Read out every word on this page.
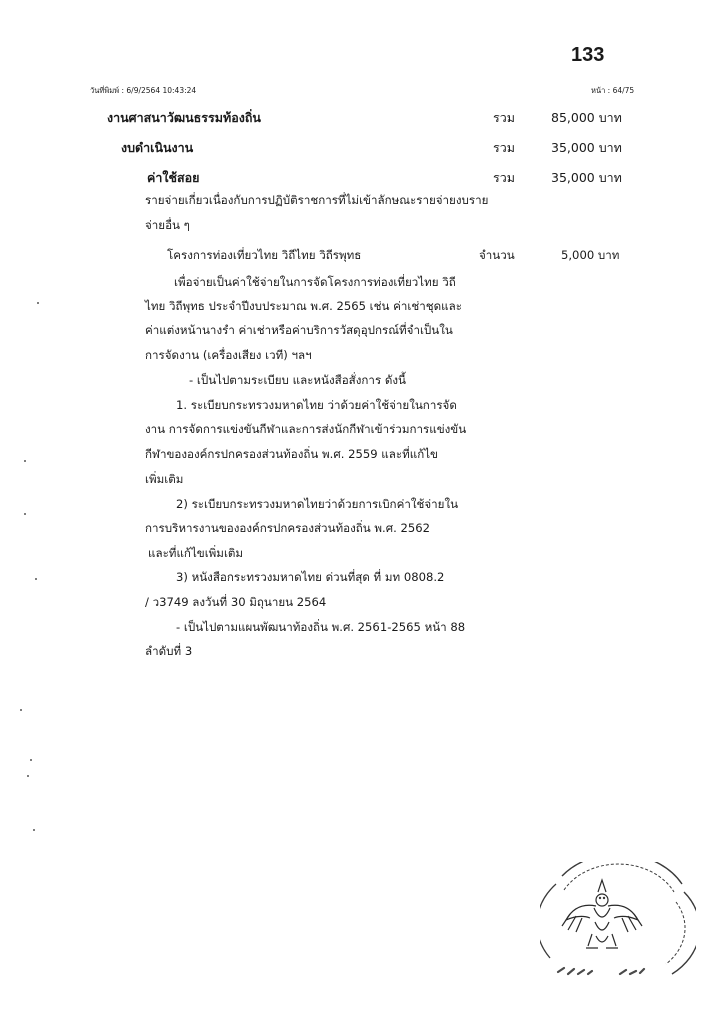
133
วันที่พิมพ์ : 6/9/2564 10:43:24	หน้า : 64/75
งานศาสนาวัฒนธรรมท้องถิ่น	รวม	85,000 บาท
งบดำเนินงาน	รวม	35,000 บาท
ค่าใช้สอย	รวม	35,000 บาท
รายจ่ายเกี่ยวเนื่องกับการปฏิบัติราชการที่ไม่เข้าลักษณะรายจ่ายงบราย
จ่ายอื่น ๆ
โครงการท่องเที่ยวไทย วิถีไทย วิถีรพุทธ	จำนวน	5,000 บาท
เพื่อจ่ายเป็นค่าใช้จ่ายในการจัดโครงการท่องเที่ยวไทย วิถี
ไทย วิถีพุทธ ประจำปีงบประมาณ พ.ศ. 2565 เช่น ค่าเช่าชุดและ
ค่าแต่งหน้านางรำ ค่าเช่าหรือค่าบริการวัสดุอุปกรณ์ที่จำเป็นใน
การจัดงาน (เครื่องเสียง เวที) ฯลฯ
- เป็นไปตามระเบียบ และหนังสือสั่งการ ดังนี้
1. ระเบียบกระทรวงมหาดไทย ว่าด้วยค่าใช้จ่ายในการจัด
งาน การจัดการแข่งขันกีฬาและการส่งนักกีฬาเข้าร่วมการแข่งขัน
กีฬาขององค์กรปกครองส่วนท้องถิ่น พ.ศ. 2559 และที่แก้ไข
เพิ่มเติม
2) ระเบียบกระทรวงมหาดไทยว่าด้วยการเบิกค่าใช้จ่ายใน
การบริหารงานขององค์กรปกครองส่วนท้องถิ่น พ.ศ. 2562
และที่แก้ไขเพิ่มเติม
3) หนังสือกระทรวงมหาดไทย ด่วนที่สุด ที่ มท 0808.2
/ ว3749 ลงวันที่ 30 มิถุนายน 2564
- เป็นไปตามแผนพัฒนาท้องถิ่น พ.ศ. 2561-2565 หน้า 88
ลำดับที่ 3
